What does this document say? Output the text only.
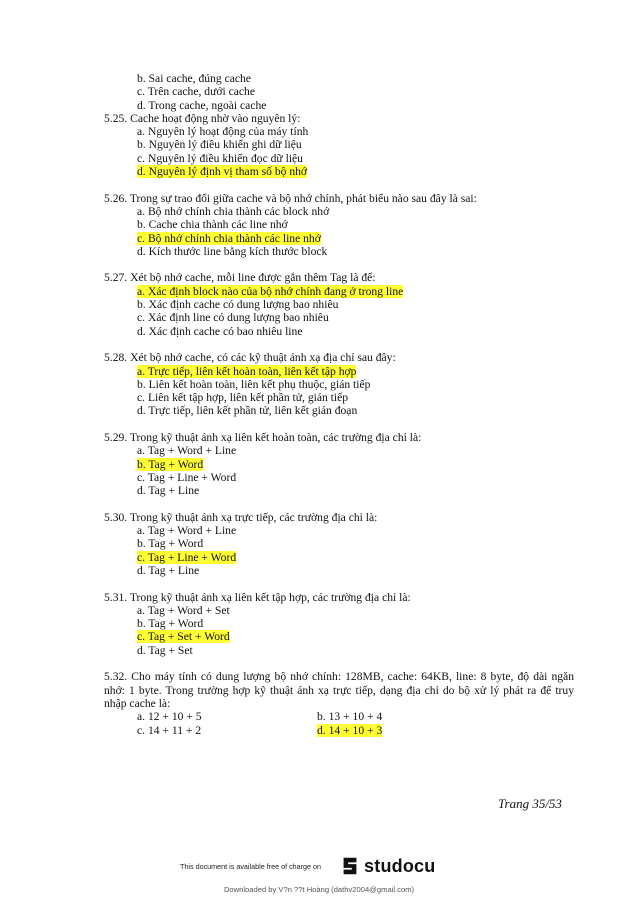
b. Sai cache, đúng cache
c. Trên cache, dưới cache
d. Trong cache, ngoài cache
5.25. Cache hoạt động nhờ vào nguyên lý:
a. Nguyên lý hoạt động của máy tính
b. Nguyên lý điều khiển ghi dữ liệu
c. Nguyên lý điều khiển đọc dữ liệu
d. Nguyên lý định vị tham số bộ nhớ
5.26. Trong sự trao đổi giữa cache và bộ nhớ chính, phát biểu nào sau đây là sai:
a. Bộ nhớ chính chia thành các block nhớ
b. Cache chia thành các line nhớ
c. Bộ nhớ chính chia thành các line nhớ
d. Kích thước line bằng kích thước block
5.27. Xét bộ nhớ cache, mỗi line được gắn thêm Tag là để:
a. Xác định block nào của bộ nhớ chính đang ở trong line
b. Xác định cache có dung lượng bao nhiêu
c. Xác định line có dung lượng bao nhiêu
d. Xác định cache có bao nhiêu line
5.28. Xét bộ nhớ cache, có các kỹ thuật ánh xạ địa chỉ sau đây:
a. Trực tiếp, liên kết hoàn toàn, liên kết tập hợp
b. Liên kết hoàn toàn, liên kết phụ thuộc, gián tiếp
c. Liên kết tập hợp, liên kết phần tử, gián tiếp
d. Trực tiếp, liên kết phần tử, liên kết gián đoạn
5.29. Trong kỹ thuật ánh xạ liên kết hoàn toàn, các trường địa chỉ là:
a. Tag + Word + Line
b. Tag + Word
c. Tag + Line + Word
d. Tag + Line
5.30. Trong kỹ thuật ánh xạ trực tiếp, các trường địa chỉ là:
a. Tag + Word + Line
b. Tag + Word
c. Tag + Line + Word
d. Tag + Line
5.31. Trong kỹ thuật ánh xạ liên kết tập hợp, các trường địa chỉ là:
a. Tag + Word + Set
b. Tag + Word
c. Tag + Set + Word
d. Tag + Set
5.32. Cho máy tính có dung lượng bộ nhớ chính: 128MB, cache: 64KB, line: 8 byte, độ dài ngăn nhớ: 1 byte. Trong trường hợp kỹ thuật ánh xạ trực tiếp, dạng địa chỉ do bộ xử lý phát ra để truy nhập cache là:
a. 12 + 10 + 5	b. 13 + 10 + 4
c. 14 + 11 + 2	d. 14 + 10 + 3
Trang 35/53
This document is available free of charge on studocu
Downloaded by V?n ??t Hoàng (dathv2004@gmail.com)
